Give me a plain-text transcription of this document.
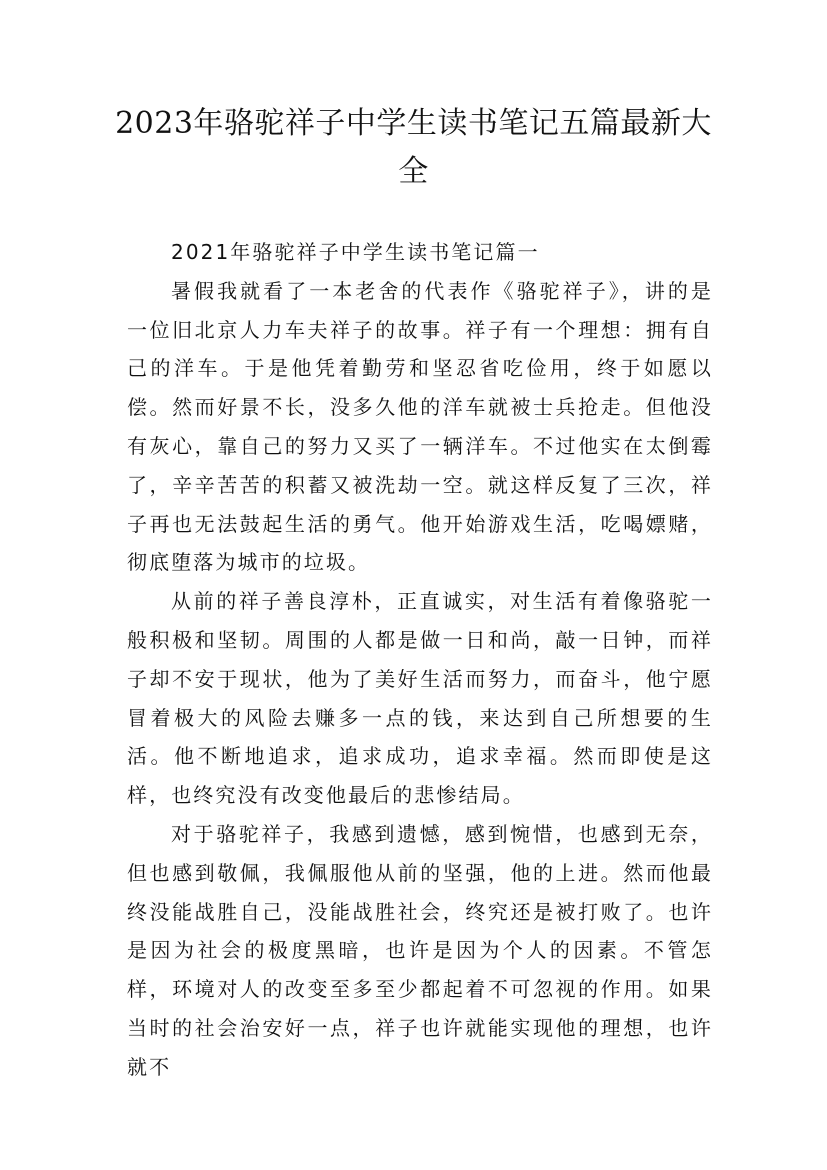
2023年骆驼祥子中学生读书笔记五篇最新大全

2021年骆驼祥子中学生读书笔记篇一

暑假我就看了一本老舍的代表作《骆驼祥子》，讲的是一位旧北京人力车夫祥子的故事。祥子有一个理想：拥有自己的洋车。于是他凭着勤劳和坚忍省吃俭用，终于如愿以偿。然而好景不长，没多久他的洋车就被士兵抢走。但他没有灰心，靠自己的努力又买了一辆洋车。不过他实在太倒霉了，辛辛苦苦的积蓄又被洗劫一空。就这样反复了三次，祥子再也无法鼓起生活的勇气。他开始游戏生活，吃喝嫖赌，彻底堕落为城市的垃圾。

从前的祥子善良淳朴，正直诚实，对生活有着像骆驼一般积极和坚韧。周围的人都是做一日和尚，敲一日钟，而祥子却不安于现状，他为了美好生活而努力，而奋斗，他宁愿冒着极大的风险去赚多一点的钱，来达到自己所想要的生活。他不断地追求，追求成功，追求幸福。然而即使是这样，也终究没有改变他最后的悲惨结局。

对于骆驼祥子，我感到遗憾，感到惋惜，也感到无奈，但也感到敬佩，我佩服他从前的坚强，他的上进。然而他最终没能战胜自己，没能战胜社会，终究还是被打败了。也许是因为社会的极度黑暗，也许是因为个人的因素。不管怎样，环境对人的改变至多至少都起着不可忽视的作用。如果当时的社会治安好一点，祥子也许就能实现他的理想，也许就不
